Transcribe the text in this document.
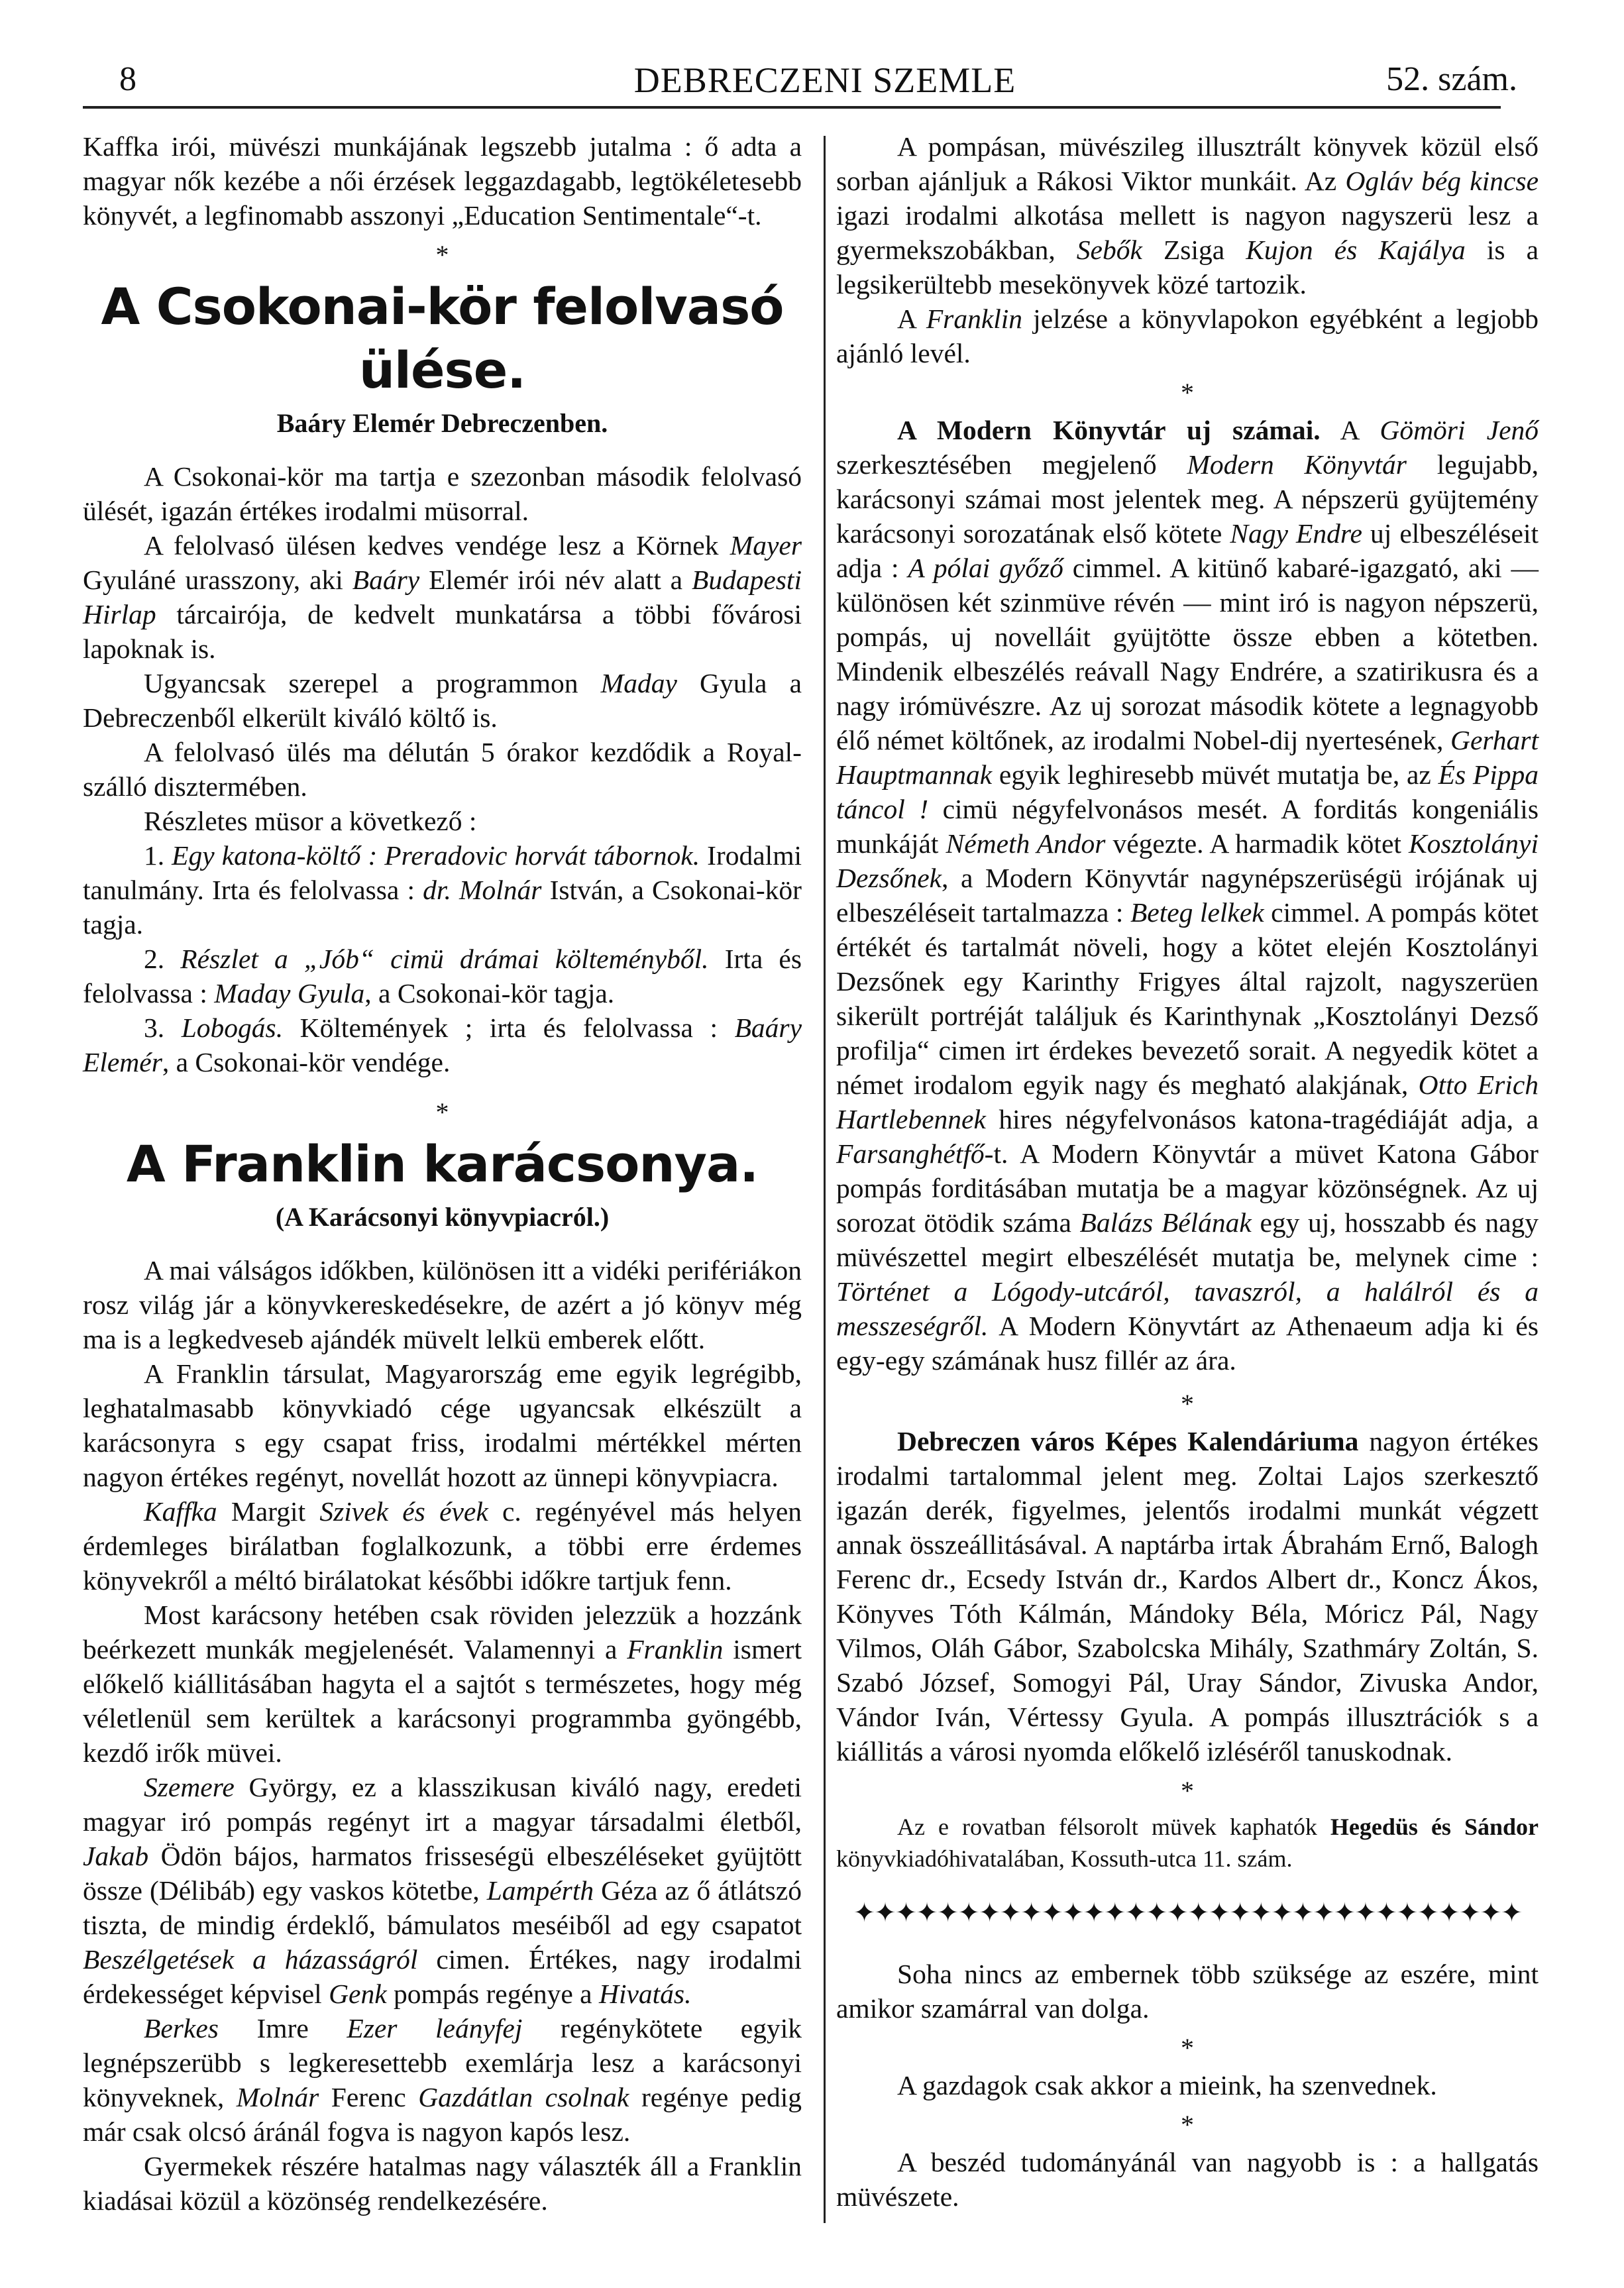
8	DEBRECZENI SZEMLE	52. szám.

Kaffka irói, müvészi munkájának legszebb jutalma : ő adta a magyar nők kezébe a női érzések leggazdagabb, legtökéletesebb könyvét, a legfinomabb asszonyi „Education Sentimentale“-t.

*
A Csokonai-kör felolvasó ülése.
Baáry Elemér Debreczenben.

A Csokonai-kör ma tartja e szezonban második felolvasó ülését, igazán értékes irodalmi müsorral.

A felolvasó ülésen kedves vendége lesz a Körnek Mayer Gyuláné urasszony, aki Baáry Elemér irói név alatt a Budapesti Hirlap tárcairója, de kedvelt munkatársa a többi fővárosi lapoknak is.

Ugyancsak szerepel a programmon Maday Gyula a Debreczenből elkerült kiváló költő is.

A felolvasó ülés ma délután 5 órakor kezdődik a Royal-szálló disztermében.

Részletes müsor a következő :

1. Egy katona-költő : Preradovic horvát tábornok. Irodalmi tanulmány. Irta és felolvassa : dr. Molnár István, a Csokonai-kör tagja.

2. Részlet a „Jób“ cimü drámai költeményből. Irta és felolvassa : Maday Gyula, a Csokonai-kör tagja.

3. Lobogás. Költemények ; irta és felolvassa : Baáry Elemér, a Csokonai-kör vendége.

*
A Franklin karácsonya.
(A Karácsonyi könyvpiacról.)

A mai válságos időkben, különösen itt a vidéki perifériákon rosz világ jár a könyvkereskedésekre, de azért a jó könyv még ma is a legkedveseb ajándék müvelt lelkü emberek előtt.

A Franklin társulat, Magyarország eme egyik legrégibb, leghatalmasabb könyvkiadó cége ugyancsak elkészült a karácsonyra s egy csapat friss, irodalmi mértékkel mérten nagyon értékes regényt, novellát hozott az ünnepi könyvpiacra.

Kaffka Margit Szivek és évek c. regényével más helyen érdemleges birálatban foglalkozunk, a többi erre érdemes könyvekről a méltó birálatokat későbbi időkre tartjuk fenn.

Most karácsony hetében csak röviden jelezzük a hozzánk beérkezett munkák megjelenését. Valamennyi a Franklin ismert előkelő kiállitásában hagyta el a sajtót s természetes, hogy még véletlenül sem kerültek a karácsonyi programmba gyöngébb, kezdő irők müvei.

Szemere György, ez a klasszikusan kiváló nagy, eredeti magyar iró pompás regényt irt a magyar társadalmi életből, Jakab Ödön bájos, harmatos frisseségü elbeszéléseket gyüjtött össze (Délibáb) egy vaskos kötetbe, Lampérth Géza az ő átlátszó tiszta, de mindig érdeklő, bámulatos meséiből ad egy csapatot Beszélgetések a házasságról cimen. Értékes, nagy irodalmi érdekességet képvisel Genk pompás regénye a Hivatás.

Berkes Imre Ezer leányfej regénykötete egyik legnépszerübb s legkeresettebb exemlárja lesz a karácsonyi könyveknek, Molnár Ferenc Gazdátlan csolnak regénye pedig már csak olcsó áránál fogva is nagyon kapós lesz.

Gyermekek részére hatalmas nagy választék áll a Franklin kiadásai közül a közönség rendelkezésére.

A pompásan, müvészileg illusztrált könyvek közül első sorban ajánljuk a Rákosi Viktor munkáit. Az Ogláv bég kincse igazi irodalmi alkotása mellett is nagyon nagyszerü lesz a gyermekszobákban, Sebők Zsiga Kujon és Kajálya is a legsikerültebb mesekönyvek közé tartozik.

A Franklin jelzése a könyvlapokon egyébként a legjobb ajánló levél.

*

A Modern Könyvtár uj számai. A Gömöri Jenő szerkesztésében megjelenő Modern Könyvtár legujabb, karácsonyi számai most jelentek meg. A népszerü gyüjtemény karácsonyi sorozatának első kötete Nagy Endre uj elbeszéléseit adja : A pólai győző cimmel. A kitünő kabaré-igazgató, aki — különösen két szinmüve révén — mint iró is nagyon népszerü, pompás, uj novelláit gyüjtötte össze ebben a kötetben. Mindenik elbeszélés reávall Nagy Endrére, a szatirikusra és a nagy irómüvészre. Az uj sorozat második kötete a legnagyobb élő német költőnek, az irodalmi Nobel-dij nyertesének, Gerhart Hauptmannak egyik leghiresebb müvét mutatja be, az És Pippa táncol ! cimü négyfelvonásos mesét. A forditás kongeniális munkáját Németh Andor végezte. A harmadik kötet Kosztolányi Dezsőnek, a Modern Könyvtár nagynépszerüségü irójának uj elbeszéléseit tartalmazza : Beteg lelkek cimmel. A pompás kötet értékét és tartalmát növeli, hogy a kötet elején Kosztolányi Dezsőnek egy Karinthy Frigyes által rajzolt, nagyszerüen sikerült portréját találjuk és Karinthynak „Kosztolányi Dezső profilja“ cimen irt érdekes bevezető sorait. A negyedik kötet a német irodalom egyik nagy és megható alakjának, Otto Erich Hartlebennek hires négyfelvonásos katona-tragédiáját adja, a Farsanghétfő-t. A Modern Könyvtár a müvet Katona Gábor pompás forditásában mutatja be a magyar közönségnek. Az uj sorozat ötödik száma Balázs Bélának egy uj, hosszabb és nagy müvészettel megirt elbeszélését mutatja be, melynek cime : Történet a Lógody-utcáról, tavaszról, a halálról és a messzeségről. A Modern Könyvtárt az Athenaeum adja ki és egy-egy számának husz fillér az ára.

*

Debreczen város Képes Kalendáriuma nagyon értékes irodalmi tartalommal jelent meg. Zoltai Lajos szerkesztő igazán derék, figyelmes, jelentős irodalmi munkát végzett annak összeállitásával. A naptárba irtak Ábrahám Ernő, Balogh Ferenc dr., Ecsedy István dr., Kardos Albert dr., Koncz Ákos, Könyves Tóth Kálmán, Mándoky Béla, Móricz Pál, Nagy Vilmos, Oláh Gábor, Szabolcska Mihály, Szathmáry Zoltán, S. Szabó József, Somogyi Pál, Uray Sándor, Zivuska Andor, Vándor Iván, Vértessy Gyula. A pompás illusztrációk s a kiállitás a városi nyomda előkelő izléséről tanuskodnak.

*

Az e rovatban félsorolt müvek kaphatók Hegedüs és Sándor könyvkiadóhivatalában, Kossuth-utca 11. szám.

✦✦✦✦✦✦✦✦✦✦✦✦✦✦✦✦✦✦✦✦✦✦✦✦✦✦✦✦✦✦✦✦

Soha nincs az embernek több szüksége az eszére, mint amikor szamárral van dolga.

*

A gazdagok csak akkor a mieink, ha szenvednek.

*

A beszéd tudományánál van nagyobb is : a hallgatás müvészete.
